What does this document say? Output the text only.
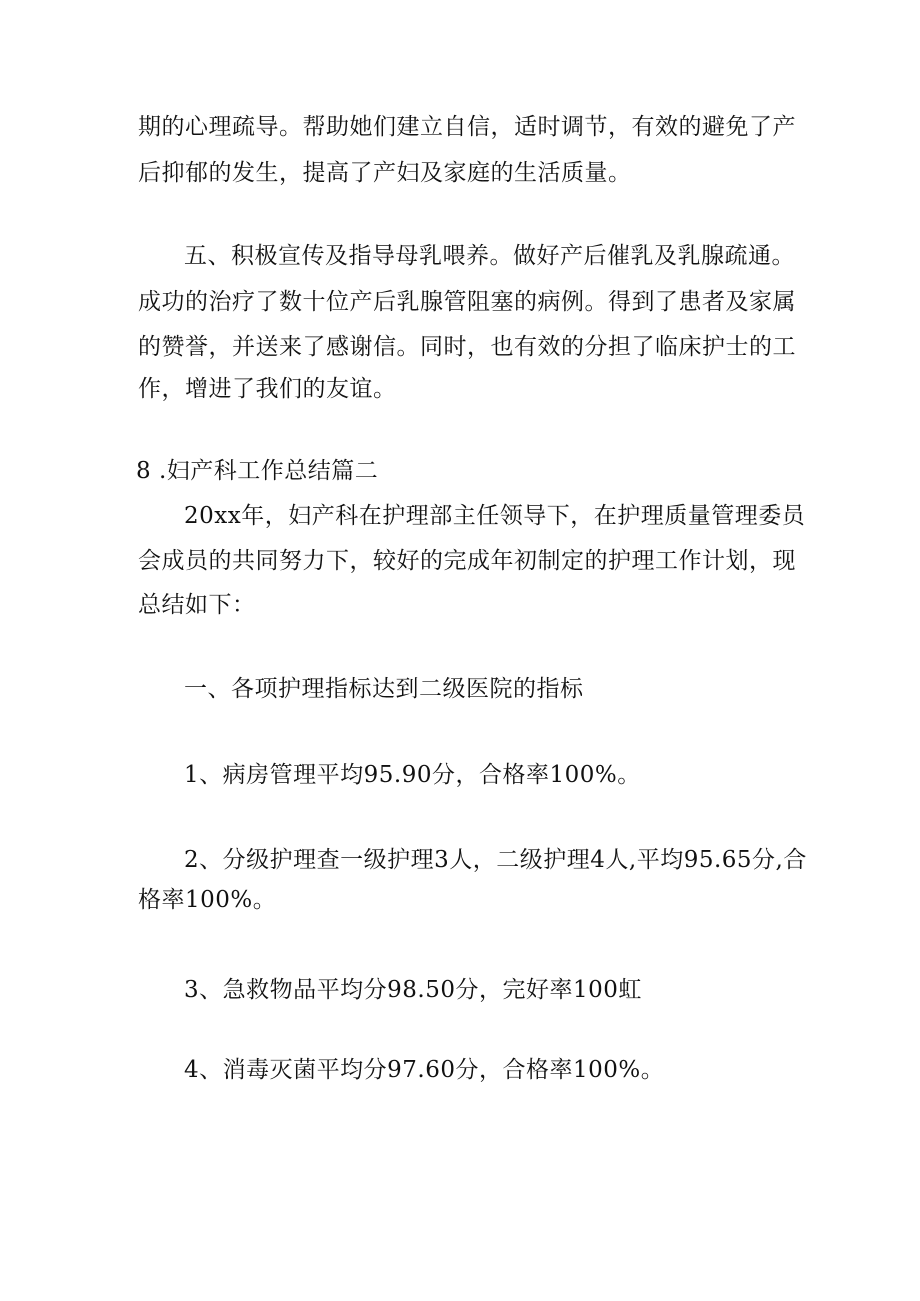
期的心理疏导。帮助她们建立自信，适时调节，有效的避免了产
后抑郁的发生，提高了产妇及家庭的生活质量。
五、积极宣传及指导母乳喂养。做好产后催乳及乳腺疏通。
成功的治疗了数十位产后乳腺管阻塞的病例。得到了患者及家属
的赞誉，并送来了感谢信。同时，也有效的分担了临床护士的工
作，增进了我们的友谊。
8 .妇产科工作总结篇二
20xx年，妇产科在护理部主任领导下，在护理质量管理委员
会成员的共同努力下，较好的完成年初制定的护理工作计划，现
总结如下：
一、各项护理指标达到二级医院的指标
1、病房管理平均95.90分，合格率100%。
2、分级护理查一级护理3人，二级护理4人,平均95.65分,合
格率100%。
3、急救物品平均分98.50分，完好率100虹
4、消毒灭菌平均分97.60分，合格率100%。
